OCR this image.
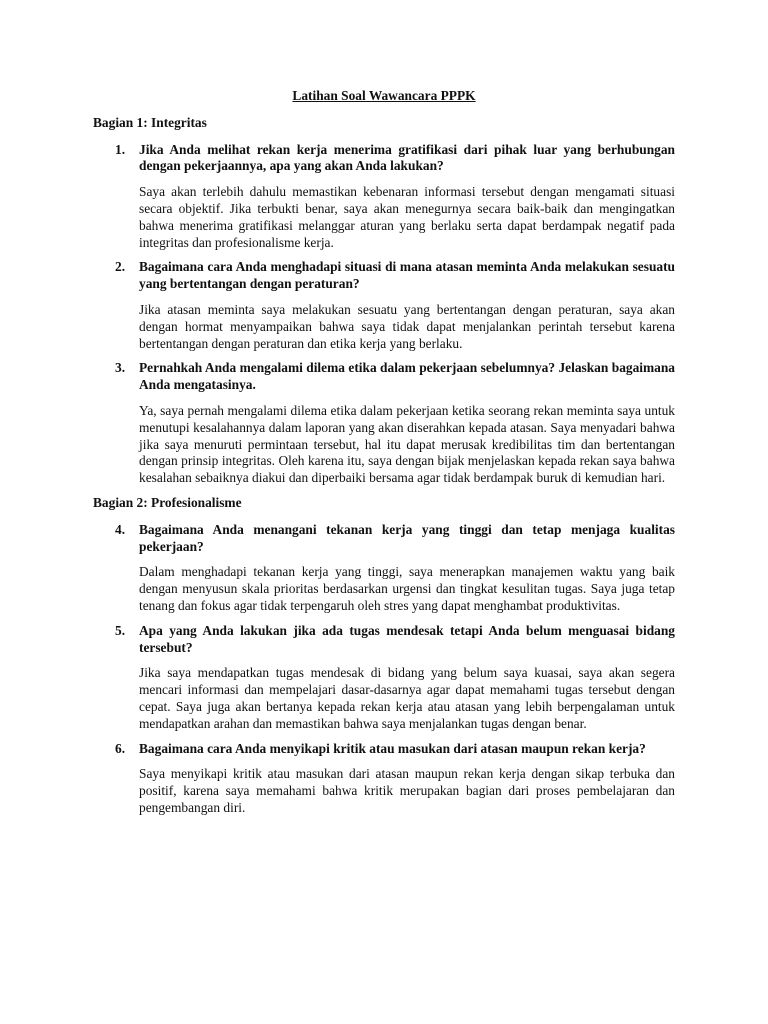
Latihan Soal Wawancara PPPK
Bagian 1: Integritas
1. Jika Anda melihat rekan kerja menerima gratifikasi dari pihak luar yang berhubungan dengan pekerjaannya, apa yang akan Anda lakukan?

Saya akan terlebih dahulu memastikan kebenaran informasi tersebut dengan mengamati situasi secara objektif. Jika terbukti benar, saya akan menegurnya secara baik-baik dan mengingatkan bahwa menerima gratifikasi melanggar aturan yang berlaku serta dapat berdampak negatif pada integritas dan profesionalisme kerja.

2. Bagaimana cara Anda menghadapi situasi di mana atasan meminta Anda melakukan sesuatu yang bertentangan dengan peraturan?

Jika atasan meminta saya melakukan sesuatu yang bertentangan dengan peraturan, saya akan dengan hormat menyampaikan bahwa saya tidak dapat menjalankan perintah tersebut karena bertentangan dengan peraturan dan etika kerja yang berlaku.

3. Pernahkah Anda mengalami dilema etika dalam pekerjaan sebelumnya? Jelaskan bagaimana Anda mengatasinya.

Ya, saya pernah mengalami dilema etika dalam pekerjaan ketika seorang rekan meminta saya untuk menutupi kesalahannya dalam laporan yang akan diserahkan kepada atasan. Saya menyadari bahwa jika saya menuruti permintaan tersebut, hal itu dapat merusak kredibilitas tim dan bertentangan dengan prinsip integritas. Oleh karena itu, saya dengan bijak menjelaskan kepada rekan saya bahwa kesalahan sebaiknya diakui dan diperbaiki bersama agar tidak berdampak buruk di kemudian hari.

Bagian 2: Profesionalisme
4. Bagaimana Anda menangani tekanan kerja yang tinggi dan tetap menjaga kualitas pekerjaan?

Dalam menghadapi tekanan kerja yang tinggi, saya menerapkan manajemen waktu yang baik dengan menyusun skala prioritas berdasarkan urgensi dan tingkat kesulitan tugas. Saya juga tetap tenang dan fokus agar tidak terpengaruh oleh stres yang dapat menghambat produktivitas.

5. Apa yang Anda lakukan jika ada tugas mendesak tetapi Anda belum menguasai bidang tersebut?

Jika saya mendapatkan tugas mendesak di bidang yang belum saya kuasai, saya akan segera mencari informasi dan mempelajari dasar-dasarnya agar dapat memahami tugas tersebut dengan cepat. Saya juga akan bertanya kepada rekan kerja atau atasan yang lebih berpengalaman untuk mendapatkan arahan dan memastikan bahwa saya menjalankan tugas dengan benar.

6. Bagaimana cara Anda menyikapi kritik atau masukan dari atasan maupun rekan kerja?

Saya menyikapi kritik atau masukan dari atasan maupun rekan kerja dengan sikap terbuka dan positif, karena saya memahami bahwa kritik merupakan bagian dari proses pembelajaran dan pengembangan diri.
